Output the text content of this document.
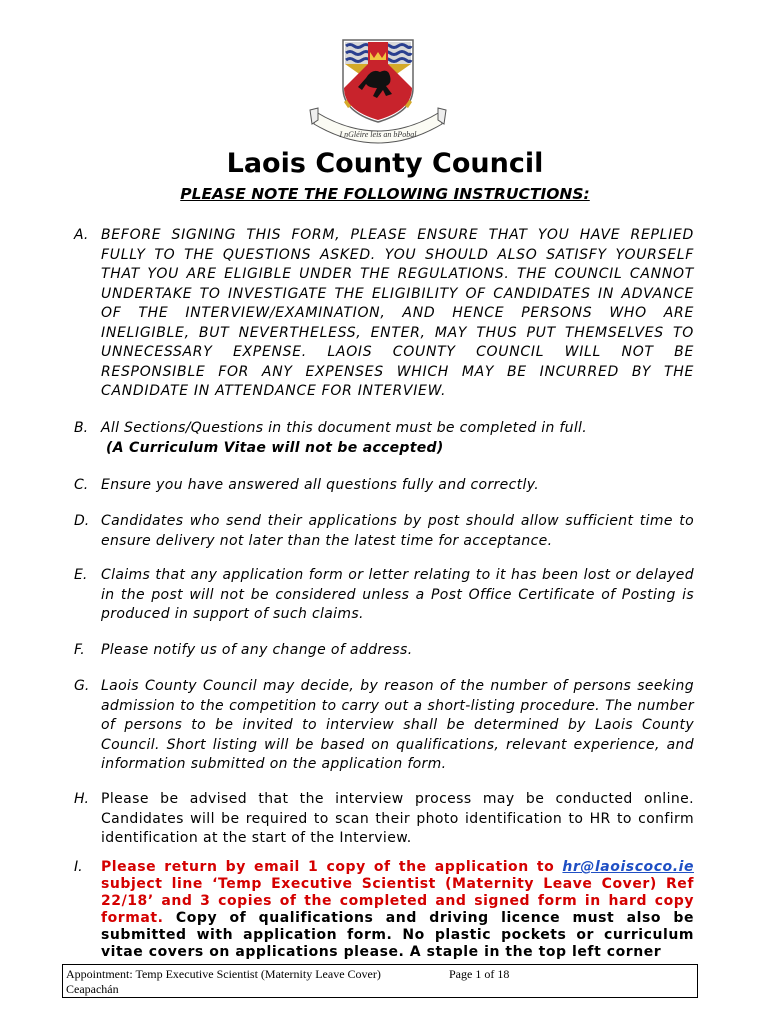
I nGléire leis an bPobal
Laois County Council
PLEASE NOTE THE FOLLOWING INSTRUCTIONS:
A. BEFORE SIGNING THIS FORM, PLEASE ENSURE THAT YOU HAVE REPLIED FULLY TO THE QUESTIONS ASKED. YOU SHOULD ALSO SATISFY YOURSELF THAT YOU ARE ELIGIBLE UNDER THE REGULATIONS. THE COUNCIL CANNOT UNDERTAKE TO INVESTIGATE THE ELIGIBILITY OF CANDIDATES IN ADVANCE OF THE INTERVIEW/EXAMINATION, AND HENCE PERSONS WHO ARE INELIGIBLE, BUT NEVERTHELESS, ENTER, MAY THUS PUT THEMSELVES TO UNNECESSARY EXPENSE. LAOIS COUNTY COUNCIL WILL NOT BE RESPONSIBLE FOR ANY EXPENSES WHICH MAY BE INCURRED BY THE CANDIDATE IN ATTENDANCE FOR INTERVIEW.
B. All Sections/Questions in this document must be completed in full.
(A Curriculum Vitae will not be accepted)
C. Ensure you have answered all questions fully and correctly.
D. Candidates who send their applications by post should allow sufficient time to ensure delivery not later than the latest time for acceptance.
E. Claims that any application form or letter relating to it has been lost or delayed in the post will not be considered unless a Post Office Certificate of Posting is produced in support of such claims.
F. Please notify us of any change of address.
G. Laois County Council may decide, by reason of the number of persons seeking admission to the competition to carry out a short-listing procedure. The number of persons to be invited to interview shall be determined by Laois County Council. Short listing will be based on qualifications, relevant experience, and information submitted on the application form.
H. Please be advised that the interview process may be conducted online. Candidates will be required to scan their photo identification to HR to confirm identification at the start of the Interview.
I. Please return by email 1 copy of the application to hr@laoiscoco.ie subject line ‘Temp Executive Scientist (Maternity Leave Cover) Ref 22/18’ and 3 copies of the completed and signed form in hard copy format. Copy of qualifications and driving licence must also be submitted with application form. No plastic pockets or curriculum vitae covers on applications please. A staple in the top left corner
Appointment: Temp Executive Scientist (Maternity Leave Cover)	Page 1 of 18
Ceapachán
